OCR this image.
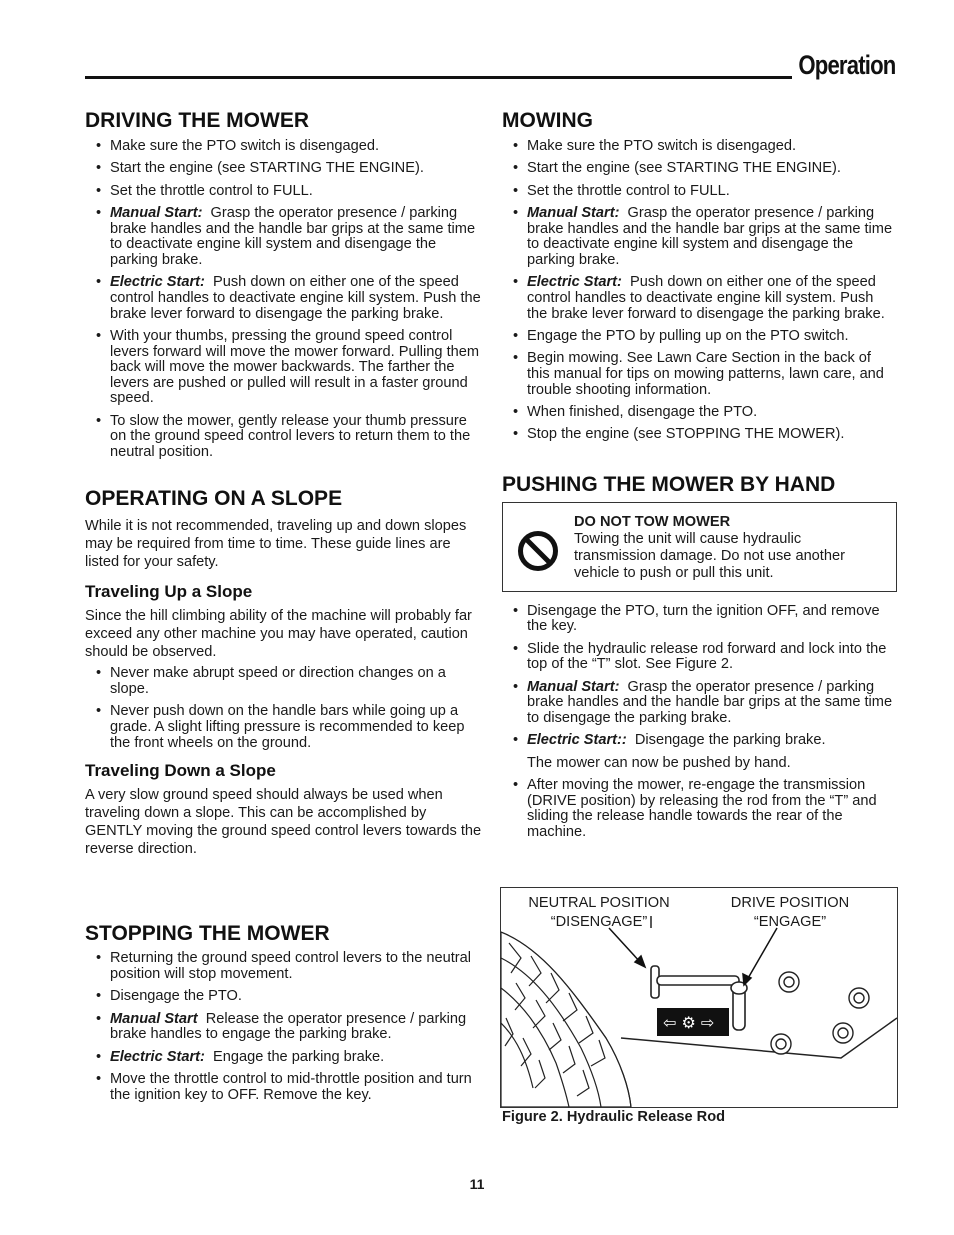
Operation
DRIVING THE MOWER
• Make sure the PTO switch is disengaged.
• Start the engine (see STARTING THE ENGINE).
• Set the throttle control to FULL.
• Manual Start: Grasp the operator presence / parking brake handles and the handle bar grips at the same time to deactivate engine kill system and disengage the parking brake.
• Electric Start: Push down on either one of the speed control handles to deactivate engine kill system. Push the brake lever forward to disengage the parking brake.
• With your thumbs, pressing the ground speed control levers forward will move the mower forward. Pulling them back will move the mower backwards. The farther the levers are pushed or pulled will result in a faster ground speed.
• To slow the mower, gently release your thumb pressure on the ground speed control levers to return them to the neutral position.
OPERATING ON A SLOPE

While it is not recommended, traveling up and down slopes may be required from time to time. These guide lines are listed for your safety.

Traveling Up a Slope

Since the hill climbing ability of the machine will probably far exceed any other machine you may have operated, caution should be observed.

• Never make abrupt speed or direction changes on a slope.
• Never push down on the handle bars while going up a grade. A slight lifting pressure is recommended to keep the front wheels on the ground.
Traveling Down a Slope

A very slow ground speed should always be used when traveling down a slope. This can be accomplished by GENTLY moving the ground speed control levers towards the reverse direction.

STOPPING THE MOWER
• Returning the ground speed control levers to the neutral position will stop movement.
• Disengage the PTO.
• Manual Start Release the operator presence / parking brake handles to engage the parking brake.
• Electric Start: Engage the parking brake.
• Move the throttle control to mid-throttle position and turn the ignition key to OFF. Remove the key.
MOWING
• Make sure the PTO switch is disengaged.
• Start the engine (see STARTING THE ENGINE).
• Set the throttle control to FULL.
• Manual Start: Grasp the operator presence / parking brake handles and the handle bar grips at the same time to deactivate engine kill system and disengage the parking brake.
• Electric Start: Push down on either one of the speed control handles to deactivate engine kill system. Push the brake lever forward to disengage the parking brake.
• Engage the PTO by pulling up on the PTO switch.
• Begin mowing. See Lawn Care Section in the back of this manual for tips on mowing patterns, lawn care, and trouble shooting information.
• When finished, disengage the PTO.
• Stop the engine (see STOPPING THE MOWER).
PUSHING THE MOWER BY HAND
DO NOT TOW MOWER
Towing the unit will cause hydraulic transmission damage. Do not use another vehicle to push or pull this unit.
• Disengage the PTO, turn the ignition OFF, and remove the key.
• Slide the hydraulic release rod forward and lock into the top of the “T” slot. See Figure 2.
• Manual Start: Grasp the operator presence / parking brake handles and the handle bar grips at the same time to disengage the parking brake.
• Electric Start:: Disengage the parking brake.
The mower can now be pushed by hand.
• After moving the mower, re-engage the transmission (DRIVE position) by releasing the rod from the “T” and sliding the release handle towards the rear of the machine.
⇦ ⚙ ⇨
NEUTRAL POSITION
“DISENGAGE”
DRIVE POSITION
“ENGAGE”
Figure 2. Hydraulic Release Rod
11
